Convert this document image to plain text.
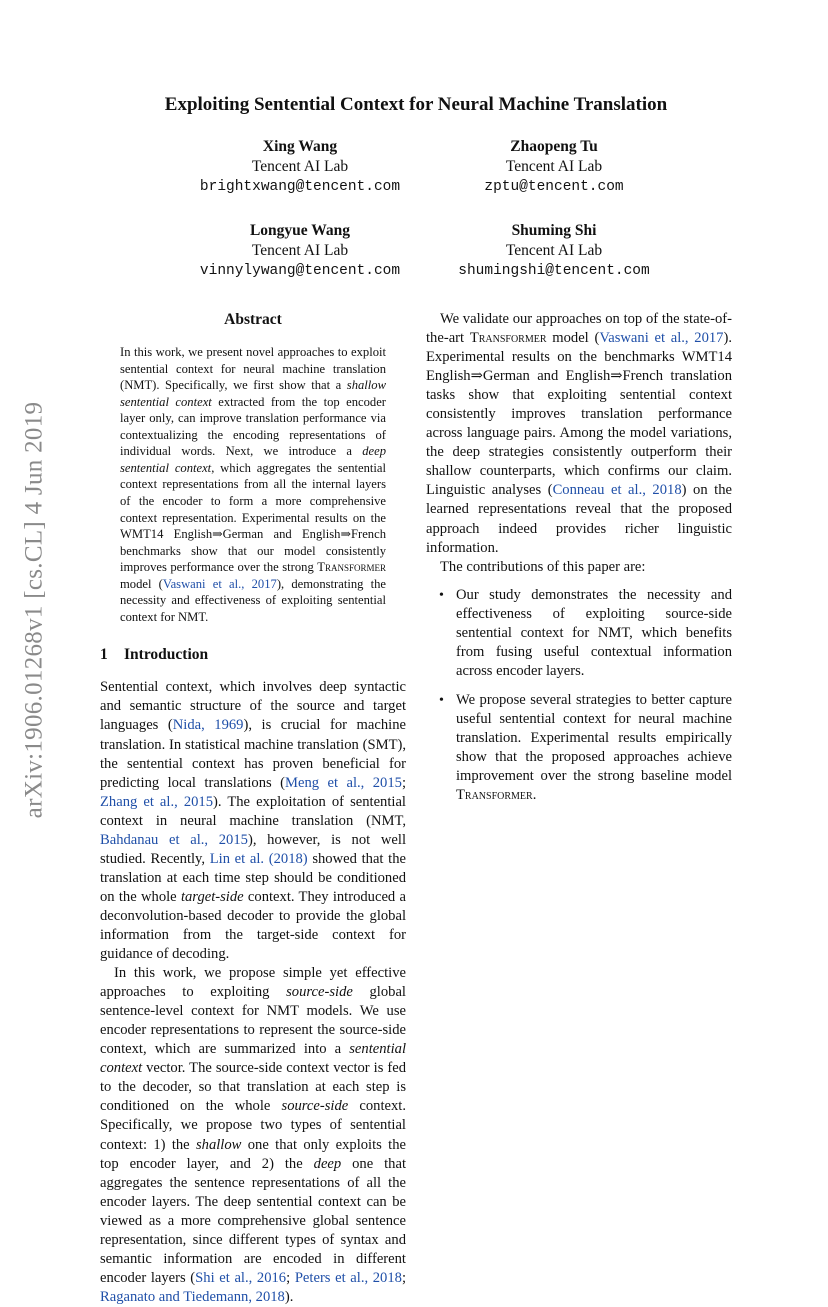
arXiv:1906.01268v1 [cs.CL] 4 Jun 2019
Exploiting Sentential Context for Neural Machine Translation
Xing Wang
Tencent AI Lab
brightxwang@tencent.com
Zhaopeng Tu
Tencent AI Lab
zptu@tencent.com
Longyue Wang
Tencent AI Lab
vinnylywang@tencent.com
Shuming Shi
Tencent AI Lab
shumingshi@tencent.com
Abstract

In this work, we present novel approaches to exploit sentential context for neural machine translation (NMT). Specifically, we first show that a shallow sentential context extracted from the top encoder layer only, can improve translation performance via contextualizing the encoding representations of individual words. Next, we introduce a deep sentential context, which aggregates the sentential context representations from all the internal layers of the encoder to form a more comprehensive context representation. Experimental results on the WMT14 English⇒German and English⇒French benchmarks show that our model consistently improves performance over the strong Transformer model (Vaswani et al., 2017), demonstrating the necessity and effectiveness of exploiting sentential context for NMT.

1 Introduction

Sentential context, which involves deep syntactic and semantic structure of the source and target languages (Nida, 1969), is crucial for machine translation. In statistical machine translation (SMT), the sentential context has proven beneficial for predicting local translations (Meng et al., 2015; Zhang et al., 2015). The exploitation of sentential context in neural machine translation (NMT, Bahdanau et al., 2015), however, is not well studied. Recently, Lin et al. (2018) showed that the translation at each time step should be conditioned on the whole target-side context. They introduced a deconvolution-based decoder to provide the global information from the target-side context for guidance of decoding.

In this work, we propose simple yet effective approaches to exploiting source-side global sentence-level context for NMT models. We use encoder representations to represent the source-side context, which are summarized into a sentential context vector. The source-side context vector is fed to the decoder, so that translation at each step is conditioned on the whole source-side context. Specifically, we propose two types of sentential context: 1) the shallow one that only exploits the top encoder layer, and 2) the deep one that aggregates the sentence representations of all the encoder layers. The deep sentential context can be viewed as a more comprehensive global sentence representation, since different types of syntax and semantic information are encoded in different encoder layers (Shi et al., 2016; Peters et al., 2018; Raganato and Tiedemann, 2018).

We validate our approaches on top of the state-of-the-art Transformer model (Vaswani et al., 2017). Experimental results on the benchmarks WMT14 English⇒German and English⇒French translation tasks show that exploiting sentential context consistently improves translation performance across language pairs. Among the model variations, the deep strategies consistently outperform their shallow counterparts, which confirms our claim. Linguistic analyses (Conneau et al., 2018) on the learned representations reveal that the proposed approach indeed provides richer linguistic information.

The contributions of this paper are:

• Our study demonstrates the necessity and effectiveness of exploiting source-side sentential context for NMT, which benefits from fusing useful contextual information across encoder layers.

• We propose several strategies to better capture useful sentential context for neural machine translation. Experimental results empirically show that the proposed approaches achieve improvement over the strong baseline model Transformer.
